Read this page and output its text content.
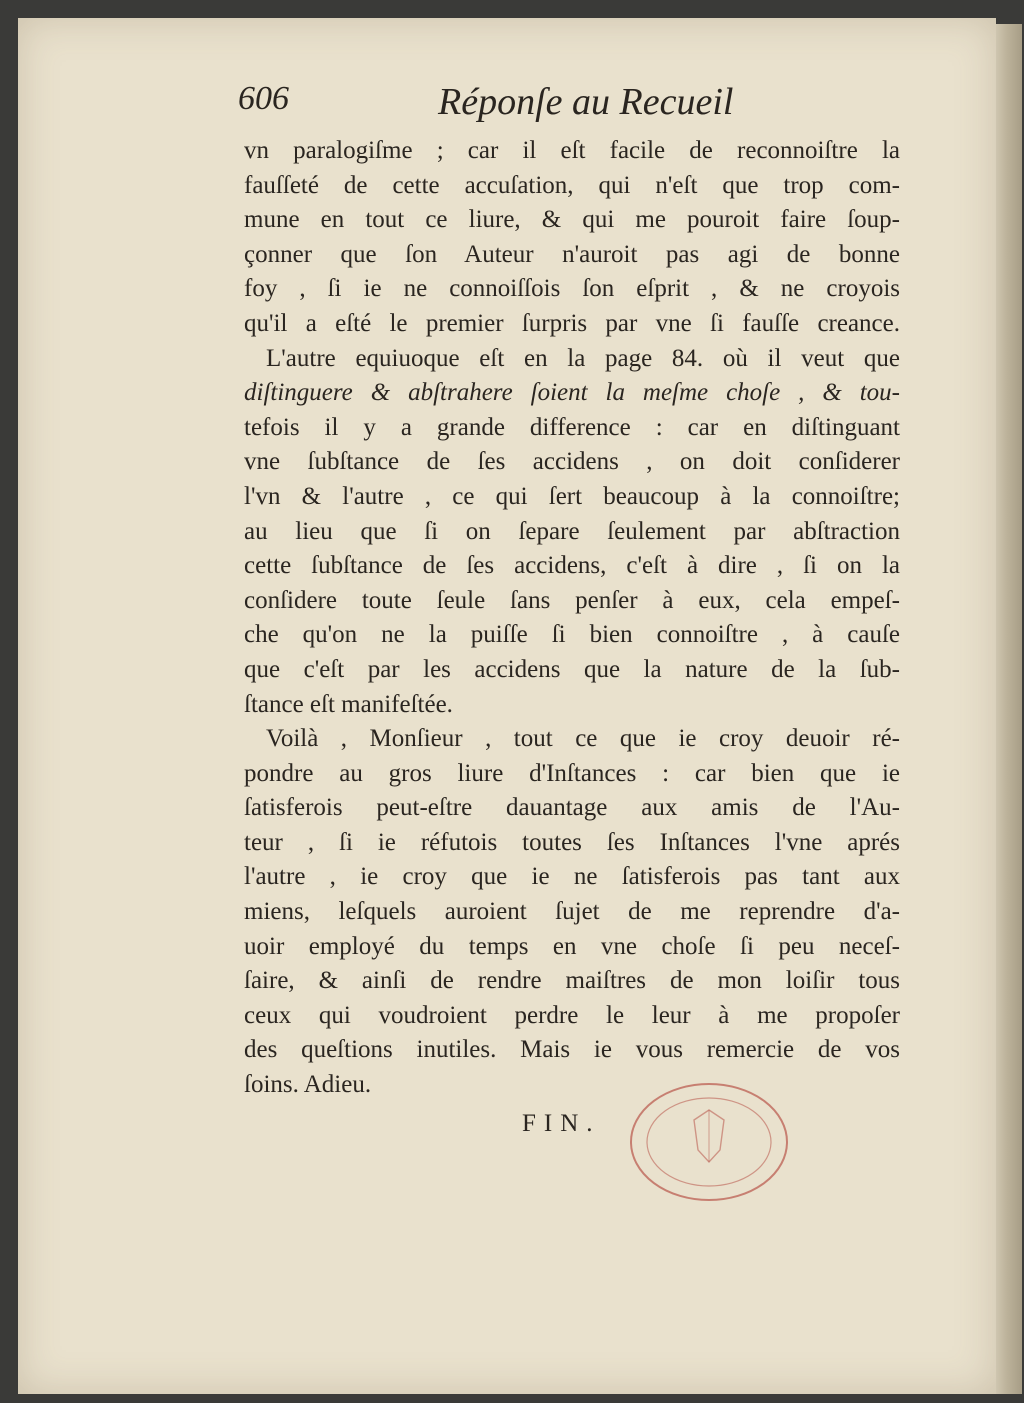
606	Réponſe au Recueil
vn paralogiſme ; car il eſt facile de reconnoiſtre la
fauſſeté de cette accuſation, qui n'eſt que trop com-
mune en tout ce liure, & qui me pouroit faire ſoup-
çonner que ſon Auteur n'auroit pas agi de bonne
foy , ſi ie ne connoiſſois ſon eſprit , & ne croyois
qu'il a eſté le premier ſurpris par vne ſi fauſſe creance.
L'autre equiuoque eſt en la page 84. où il veut que
diſtinguere & abſtrahere ſoient la meſme choſe , & tou-
tefois il y a grande difference : car en diſtinguant
vne ſubſtance de ſes accidens , on doit conſiderer
l'vn & l'autre , ce qui ſert beaucoup à la connoiſtre;
au lieu que ſi on ſepare ſeulement par abſtraction
cette ſubſtance de ſes accidens, c'eſt à dire , ſi on la
conſidere toute ſeule ſans penſer à eux, cela empeſ-
che qu'on ne la puiſſe ſi bien connoiſtre , à cauſe
que c'eſt par les accidens que la nature de la ſub-
ſtance eſt manifeſtée.
Voilà , Monſieur , tout ce que ie croy deuoir ré-
pondre au gros liure d'Inſtances : car bien que ie
ſatisferois peut-eſtre dauantage aux amis de l'Au-
teur , ſi ie réfutois toutes ſes Inſtances l'vne aprés
l'autre , ie croy que ie ne ſatisferois pas tant aux
miens, leſquels auroient ſujet de me reprendre d'a-
uoir employé du temps en vne choſe ſi peu neceſ-
ſaire, & ainſi de rendre maiſtres de mon loiſir tous
ceux qui voudroient perdre le leur à me propoſer
des queſtions inutiles. Mais ie vous remercie de vos
ſoins. Adieu.
FIN.
